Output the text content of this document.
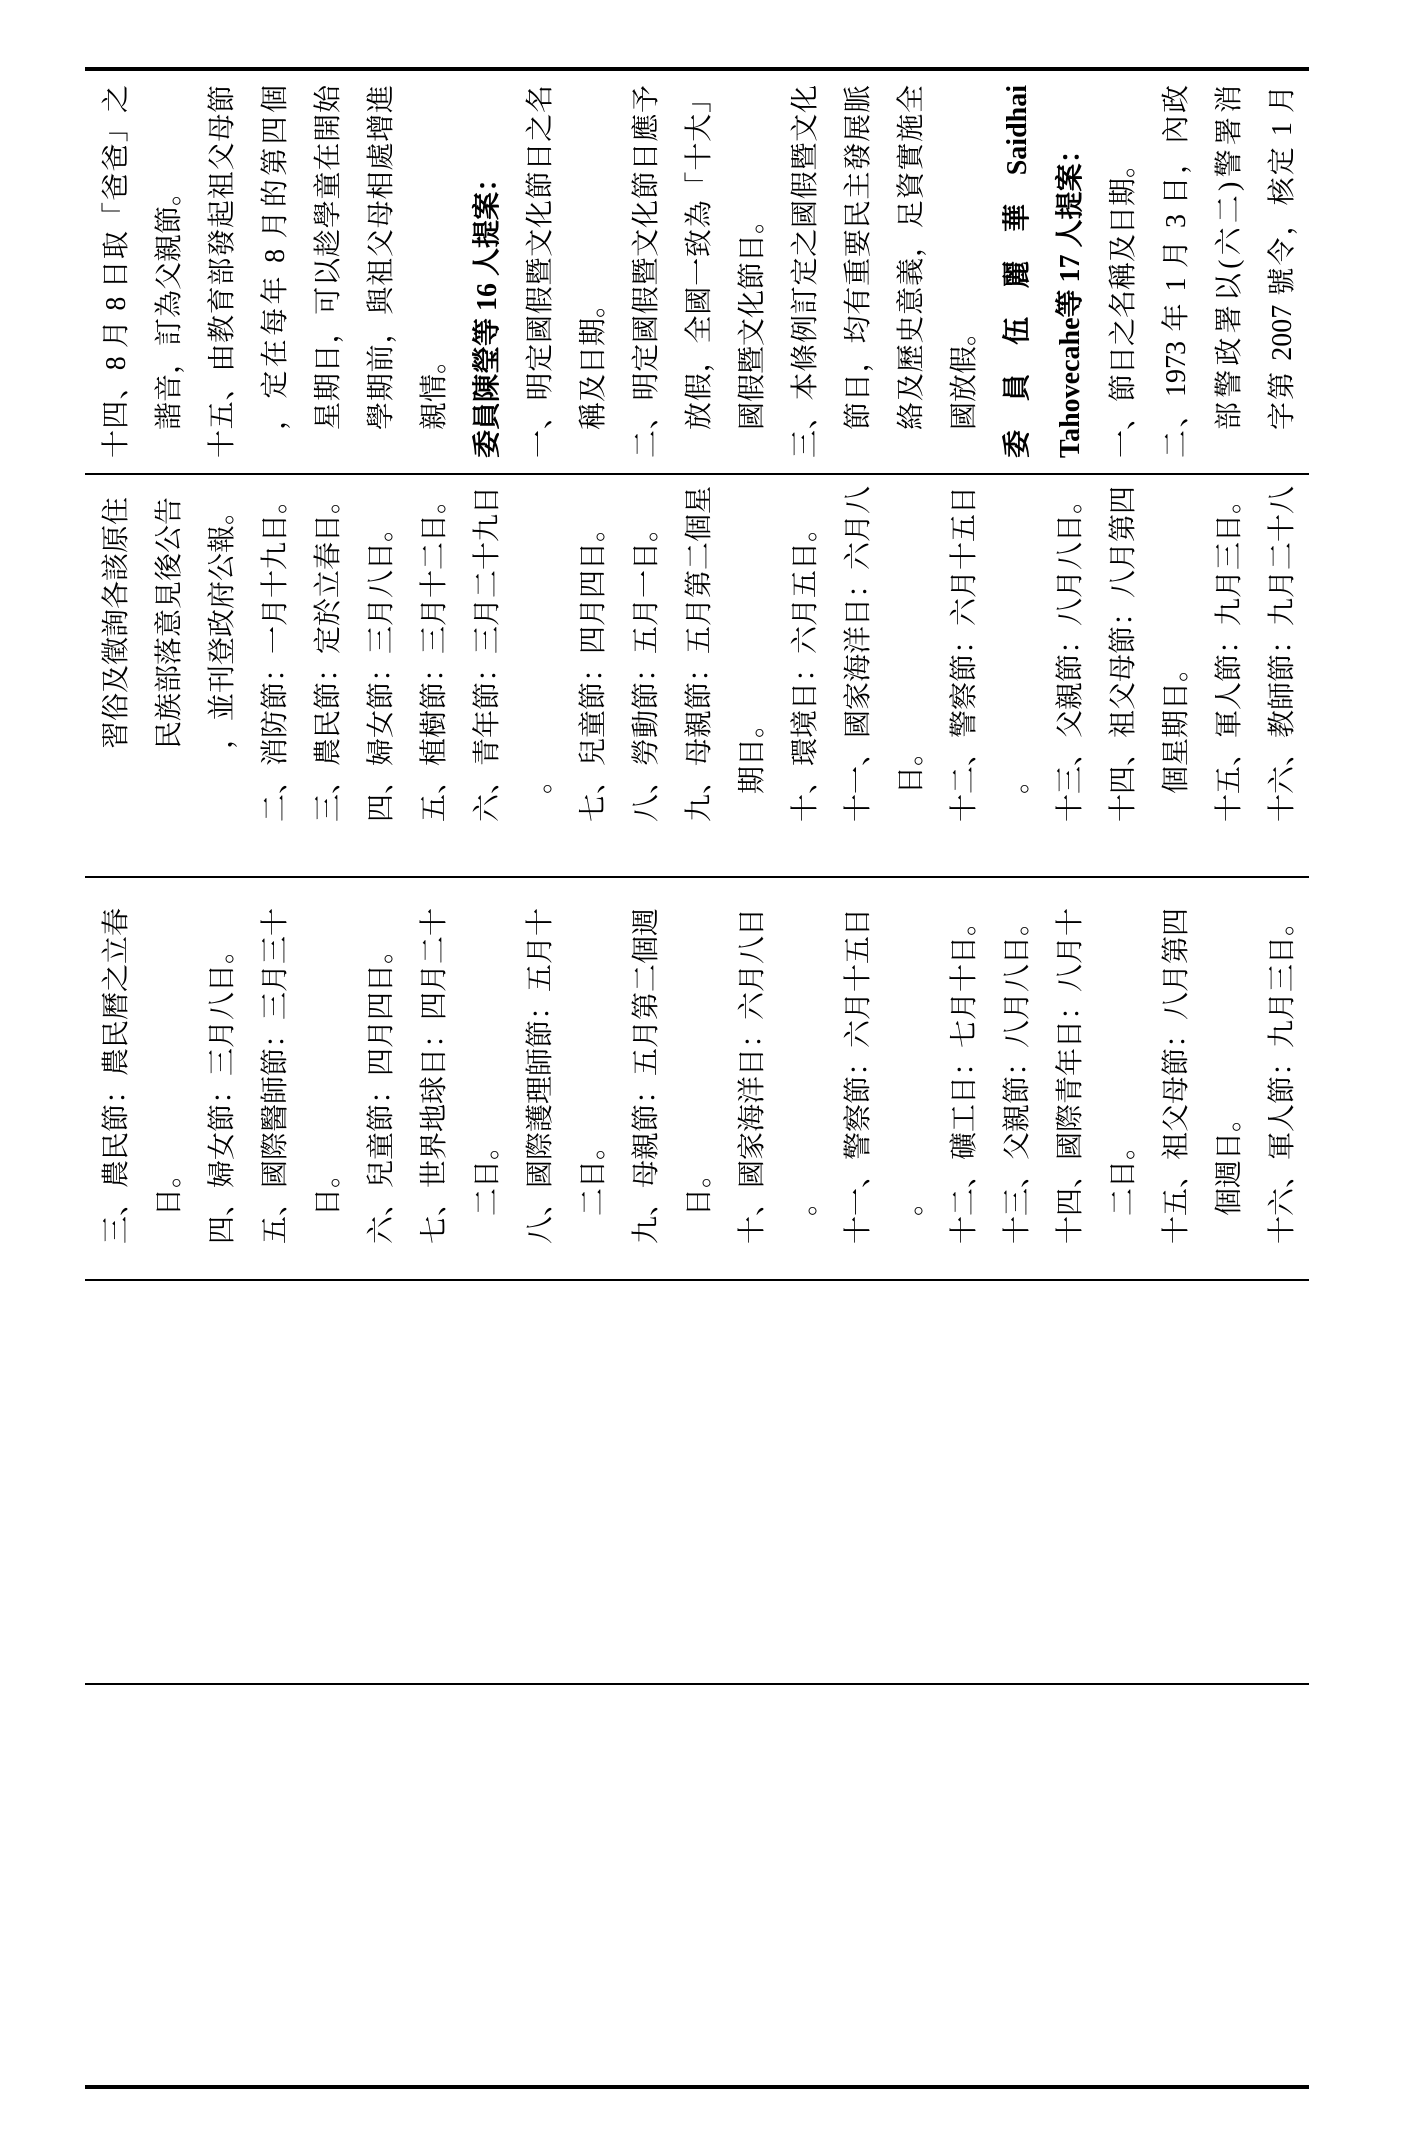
十四、8 月 8 日取「爸爸」之 諧音，訂為父親節。 十五、由教育部發起祖父母節 ，定在每年 8 月的第四個 星期日，可以趁學童在開始 學期前，與祖父母相處增進 親情。 委員陳瑩等 16 人提案： 一、明定國假暨文化節日之名 稱及日期。 二、明定國假暨文化節日應予 放假，全國一致為「十大」 國假暨文化節日。 三、本條例訂定之國假暨文化 節日，均有重要民主發展脈 絡及歷史意義，足資實施全 國放假。 委 員 伍 麗 華 Saidhai Tahovecahe等 17 人提案： 一、節日之名稱及日期。 二、1973 年 1 月 3 日，內政 部警政署以(六二)警署消 字第 2007 號令，核定 1 月
習俗及徵詢各該原住 民族部落意見後公告 ，並刊登政府公報。 二、消防節：一月十九日。 三、農民節：定於立春日。 四、婦女節：三月八日。 五、植樹節：三月十二日。 六、青年節：三月二十九日 。 七、兒童節：四月四日。 八、勞動節：五月一日。 九、母親節：五月第二個星 期日。 十、環境日：六月五日。 十一、國家海洋日：六月八 日。 十二、警察節：六月十五日 。 十三、父親節：八月八日。 十四、祖父母節：八月第四 個星期日。 十五、軍人節：九月三日。 十六、教師節：九月二十八
三、農民節：農民曆之立春 日。 四、婦女節：三月八日。 五、國際醫師節：三月三十 日。 六、兒童節：四月四日。 七、世界地球日：四月二十 二日。 八、國際護理師節：五月十 二日。 九、母親節：五月第二個週 日。 十、國家海洋日：六月八日 。 十一、警察節：六月十五日 。 十二、礦工日：七月十日。 十三、父親節：八月八日。 十四、國際青年日：八月十 二日。 十五、祖父母節：八月第四 個週日。 十六、軍人節：九月三日。
